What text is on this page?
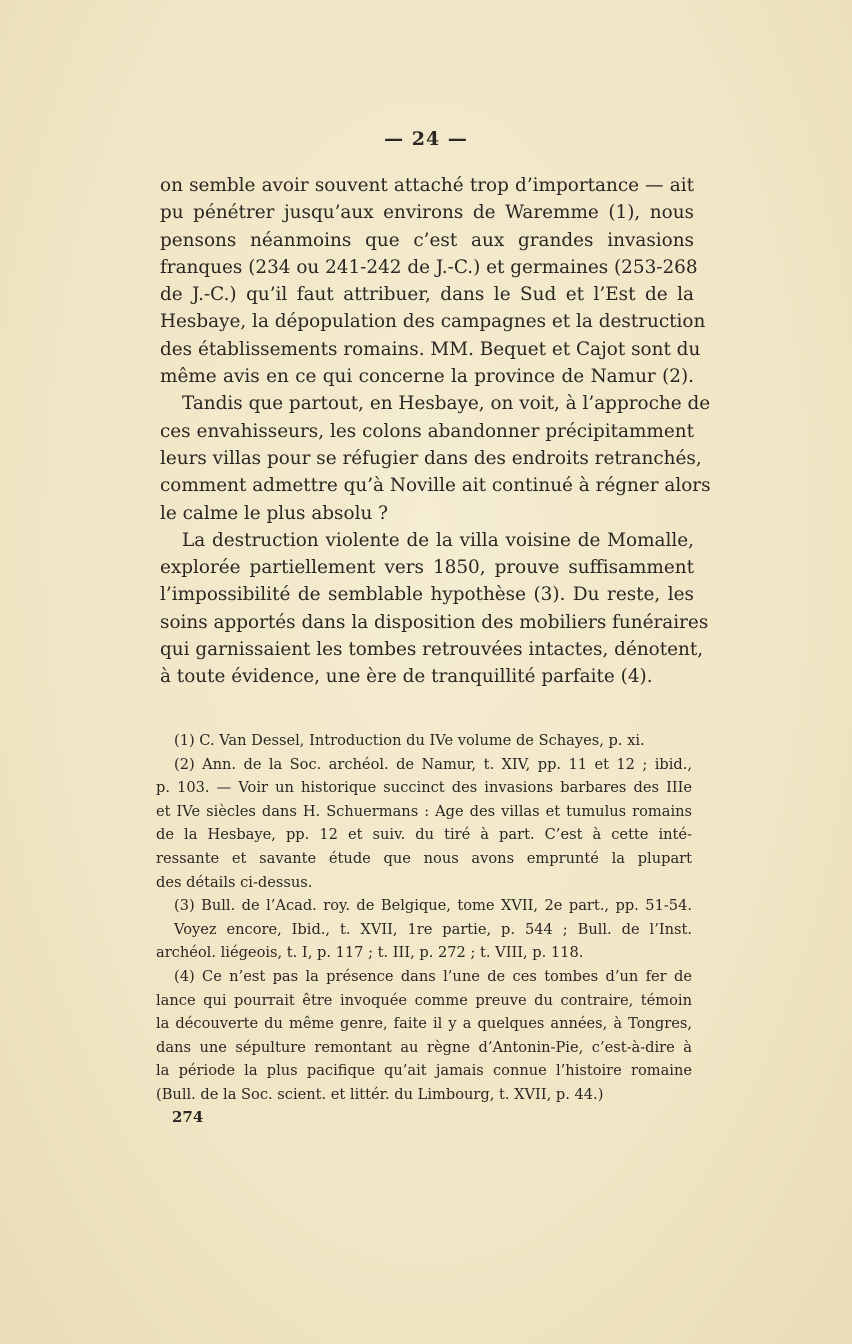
— 24 —
on semble avoir souvent attaché trop d’importance — ait
pu pénétrer jusqu’aux environs de Waremme (1), nous
pensons néanmoins que c’est aux grandes invasions
franques (234 ou 241-242 de J.-C.) et germaines (253-268
de J.-C.) qu’il faut attribuer, dans le Sud et l’Est de la
Hesbaye, la dépopulation des campagnes et la destruction
des établissements romains. MM. Bequet et Cajot sont du
même avis en ce qui concerne la province de Namur (2).
Tandis que partout, en Hesbaye, on voit, à l’approche de
ces envahisseurs, les colons abandonner précipitamment
leurs villas pour se réfugier dans des endroits retranchés,
comment admettre qu’à Noville ait continué à régner alors
le calme le plus absolu ?
La destruction violente de la villa voisine de Momalle,
explorée partiellement vers 1850, prouve suffisamment
l’impossibilité de semblable hypothèse (3). Du reste, les
soins apportés dans la disposition des mobiliers funéraires
qui garnissaient les tombes retrouvées intactes, dénotent,
à toute évidence, une ère de tranquillité parfaite (4).
(1) C. Van Dessel, Introduction du IVe volume de Schayes, p. xi.
(2) Ann. de la Soc. archéol. de Namur, t. XIV, pp. 11 et 12 ; ibid.,
p. 103. — Voir un historique succinct des invasions barbares des IIIe
et IVe siècles dans H. Schuermans : Age des villas et tumulus romains
de la Hesbaye, pp. 12 et suiv. du tiré à part. C’est à cette inté-
ressante et savante étude que nous avons emprunté la plupart
des détails ci-dessus.
(3) Bull. de l’Acad. roy. de Belgique, tome XVII, 2e part., pp. 51-54.
Voyez encore, Ibid., t. XVII, 1re partie, p. 544 ; Bull. de l’Inst.
archéol. liégeois, t. I, p. 117 ; t. III, p. 272 ; t. VIII, p. 118.
(4) Ce n’est pas la présence dans l’une de ces tombes d’un fer de
lance qui pourrait être invoquée comme preuve du contraire, témoin
la découverte du même genre, faite il y a quelques années, à Tongres,
dans une sépulture remontant au règne d’Antonin-Pie, c’est-à-dire à
la période la plus pacifique qu’ait jamais connue l’histoire romaine
(Bull. de la Soc. scient. et littér. du Limbourg, t. XVII, p. 44.)
274
